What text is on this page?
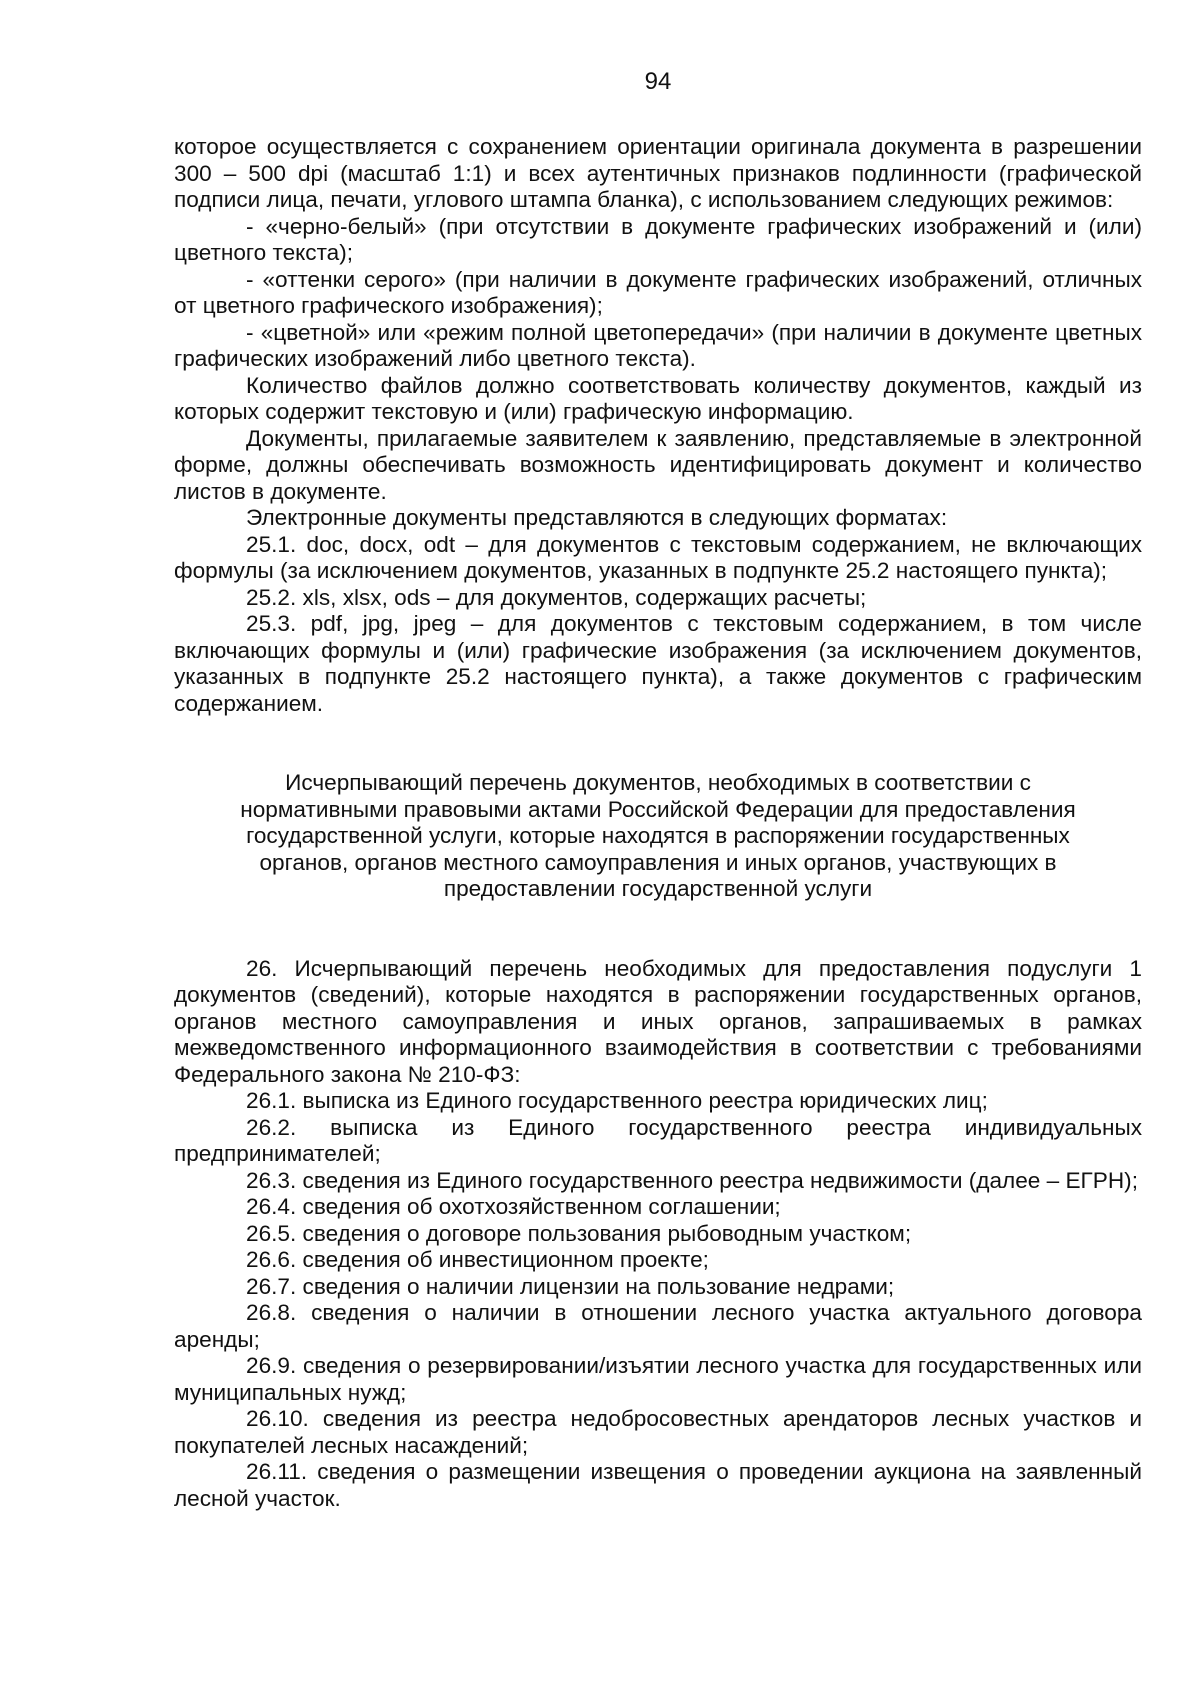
94

которое осуществляется с сохранением ориентации оригинала документа в разрешении 300 – 500 dpi (масштаб 1:1) и всех аутентичных признаков подлинности (графической подписи лица, печати, углового штампа бланка), с использованием следующих режимов:

- «черно-белый» (при отсутствии в документе графических изображений и (или) цветного текста);

- «оттенки серого» (при наличии в документе графических изображений, отличных от цветного графического изображения);

- «цветной» или «режим полной цветопередачи» (при наличии в документе цветных графических изображений либо цветного текста).

Количество файлов должно соответствовать количеству документов, каждый из которых содержит текстовую и (или) графическую информацию.

Документы, прилагаемые заявителем к заявлению, представляемые в электронной форме, должны обеспечивать возможность идентифицировать документ и количество листов в документе.

Электронные документы представляются в следующих форматах:

25.1. doc, docx, odt – для документов с текстовым содержанием, не включающих формулы (за исключением документов, указанных в подпункте 25.2 настоящего пункта);

25.2. xls, xlsx, ods – для документов, содержащих расчеты;

25.3. pdf, jpg, jpeg – для документов с текстовым содержанием, в том числе включающих формулы и (или) графические изображения (за исключением документов, указанных в подпункте 25.2 настоящего пункта), а также документов с графическим содержанием.

Исчерпывающий перечень документов, необходимых в соответствии с
нормативными правовыми актами Российской Федерации для предоставления
государственной услуги, которые находятся в распоряжении государственных
органов, органов местного самоуправления и иных органов, участвующих в
предоставлении государственной услуги

26. Исчерпывающий перечень необходимых для предоставления подуслуги 1 документов (сведений), которые находятся в распоряжении государственных органов, органов местного самоуправления и иных органов, запрашиваемых в рамках межведомственного информационного взаимодействия в соответствии с требованиями Федерального закона № 210-ФЗ:

26.1. выписка из Единого государственного реестра юридических лиц;

26.2. выписка из Единого государственного реестра индивидуальных предпринимателей;

26.3. сведения из Единого государственного реестра недвижимости (далее – ЕГРН);

26.4. сведения об охотхозяйственном соглашении;

26.5. сведения о договоре пользования рыбоводным участком;

26.6. сведения об инвестиционном проекте;

26.7. сведения о наличии лицензии на пользование недрами;

26.8. сведения о наличии в отношении лесного участка актуального договора аренды;

26.9. сведения о резервировании/изъятии лесного участка для государственных или муниципальных нужд;

26.10. сведения из реестра недобросовестных арендаторов лесных участков и покупателей лесных насаждений;

26.11. сведения о размещении извещения о проведении аукциона на заявленный лесной участок.
